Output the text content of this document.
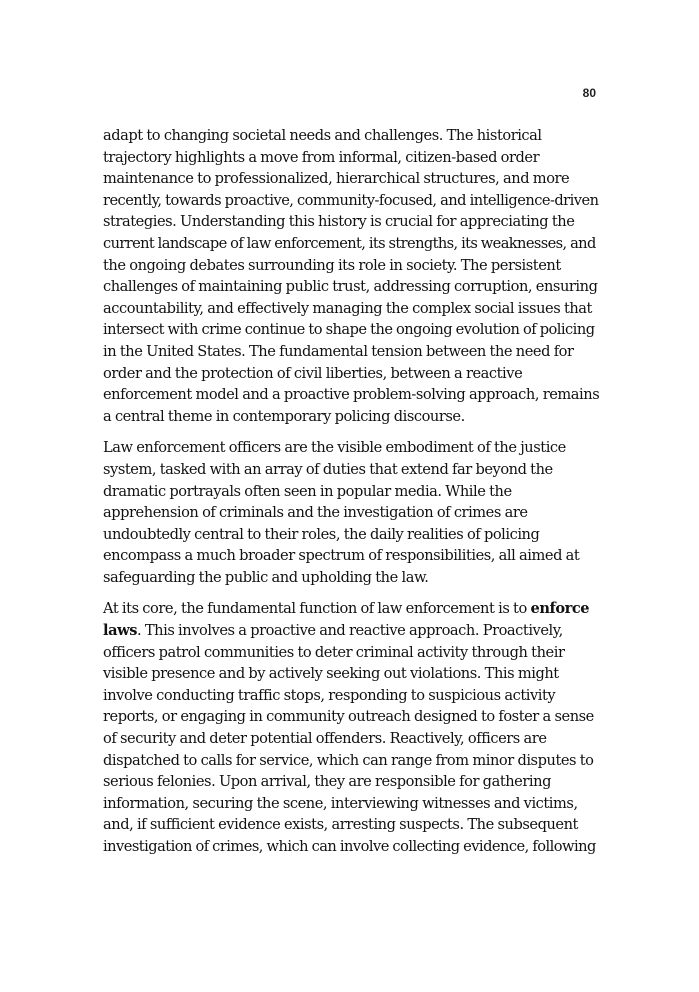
80
adapt to changing societal needs and challenges. The historical
trajectory highlights a move from informal, citizen-based order
maintenance to professionalized, hierarchical structures, and more
recently, towards proactive, community-focused, and intelligence-driven
strategies. Understanding this history is crucial for appreciating the
current landscape of law enforcement, its strengths, its weaknesses, and
the ongoing debates surrounding its role in society. The persistent
challenges of maintaining public trust, addressing corruption, ensuring
accountability, and effectively managing the complex social issues that
intersect with crime continue to shape the ongoing evolution of policing
in the United States. The fundamental tension between the need for
order and the protection of civil liberties, between a reactive
enforcement model and a proactive problem-solving approach, remains
a central theme in contemporary policing discourse.
Law enforcement officers are the visible embodiment of the justice
system, tasked with an array of duties that extend far beyond the
dramatic portrayals often seen in popular media. While the
apprehension of criminals and the investigation of crimes are
undoubtedly central to their roles, the daily realities of policing
encompass a much broader spectrum of responsibilities, all aimed at
safeguarding the public and upholding the law.
At its core, the fundamental function of law enforcement is to enforce
laws. This involves a proactive and reactive approach. Proactively,
officers patrol communities to deter criminal activity through their
visible presence and by actively seeking out violations. This might
involve conducting traffic stops, responding to suspicious activity
reports, or engaging in community outreach designed to foster a sense
of security and deter potential offenders. Reactively, officers are
dispatched to calls for service, which can range from minor disputes to
serious felonies. Upon arrival, they are responsible for gathering
information, securing the scene, interviewing witnesses and victims,
and, if sufficient evidence exists, arresting suspects. The subsequent
investigation of crimes, which can involve collecting evidence, following
